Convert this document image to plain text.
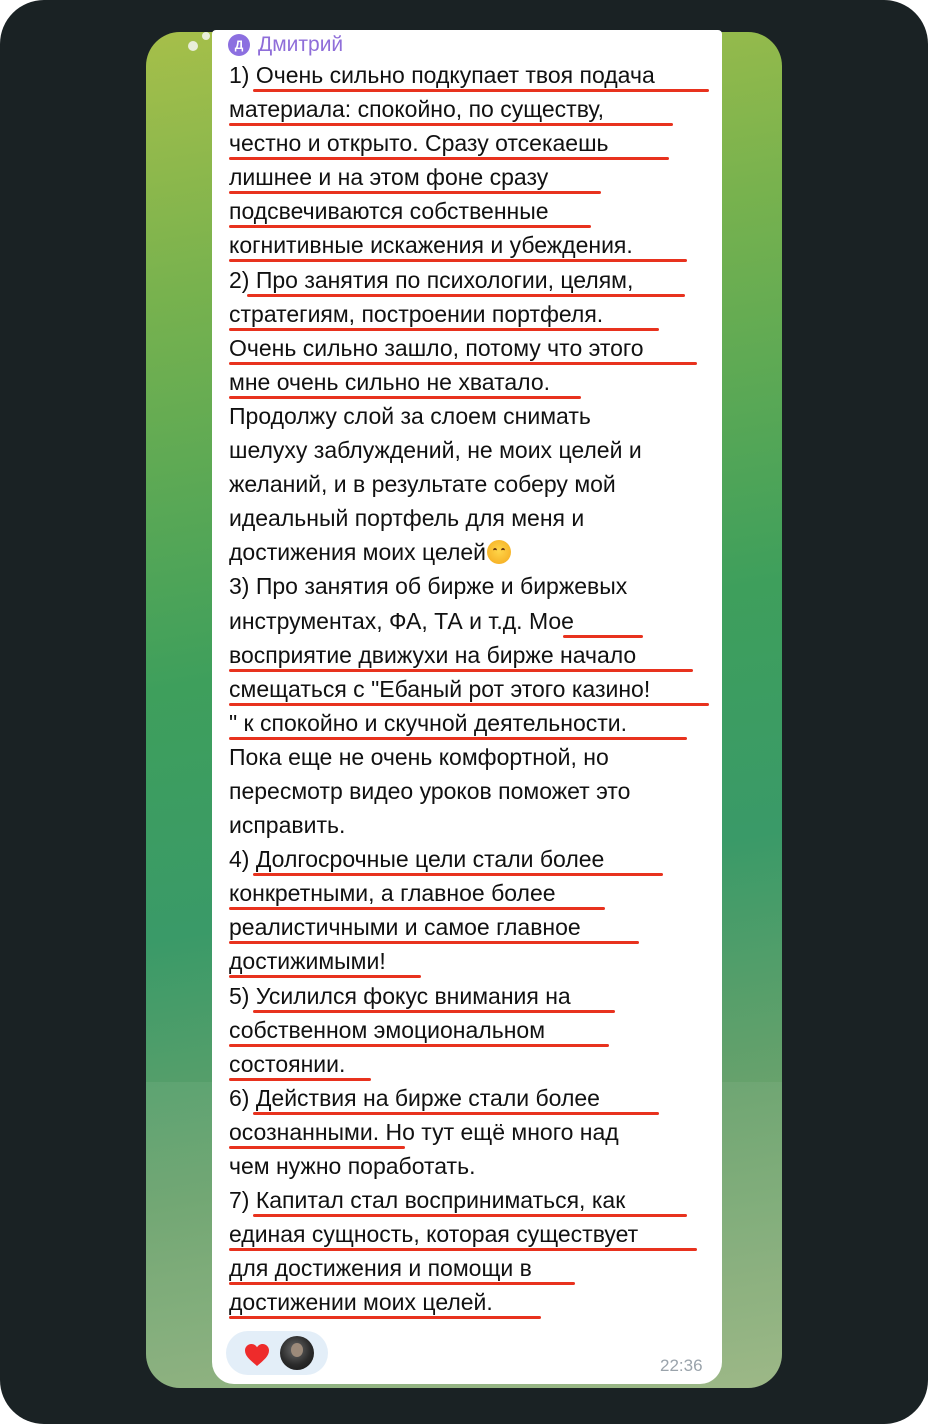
Д Дмитрий
1) Очень сильно подкупает твоя подача
материала: спокойно, по существу,
честно и открыто. Сразу отсекаешь
лишнее и на этом фоне сразу
подсвечиваются собственные
когнитивные искажения и убеждения.
2) Про занятия по психологии, целям,
стратегиям, построении портфеля.
Очень сильно зашло, потому что этого
мне очень сильно не хватало.
Продолжу слой за слоем снимать
шелуху заблуждений, не моих целей и
желаний, и в результате соберу мой
идеальный портфель для меня и
достижения моих целей
3) Про занятия об бирже и биржевых
инструментах, ФА, ТА и т.д. Мое
восприятие движухи на бирже начало
смещаться с "Ебаный рот этого казино!
" к спокойно и скучной деятельности.
Пока еще не очень комфортной, но
пересмотр видео уроков поможет это
исправить.
4) Долгосрочные цели стали более
конкретными, а главное более
реалистичными и самое главное
достижимыми!
5) Усилился фокус внимания на
собственном эмоциональном
состоянии.
6) Действия на бирже стали более
осознанными. Но тут ещё много над
чем нужно поработать.
7) Капитал стал восприниматься, как
единая сущность, которая существует
для достижения и помощи в
достижении моих целей.
22:36
